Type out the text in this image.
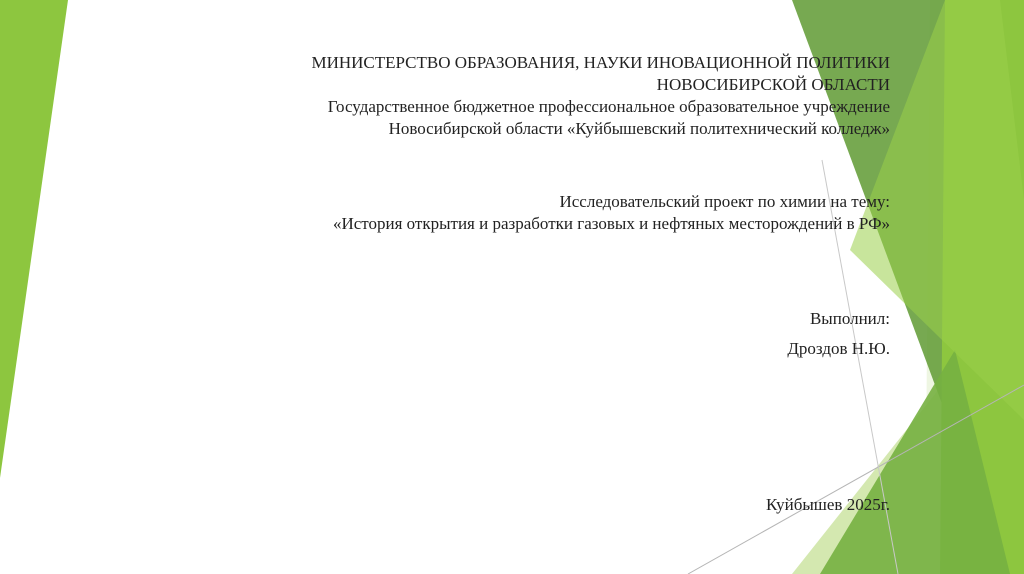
МИНИСТЕРСТВО ОБРАЗОВАНИЯ, НАУКИ ИНОВАЦИОННОЙ ПОЛИТИКИ
НОВОСИБИРСКОЙ ОБЛАСТИ
Государственное бюджетное профессиональное образовательное учреждение
Новосибирской области «Куйбышевский политехнический колледж»
Исследовательский проект по химии на тему:
«История открытия и разработки газовых и нефтяных месторождений в РФ»
Выполнил:
Дроздов Н.Ю.
Куйбышев 2025г.
